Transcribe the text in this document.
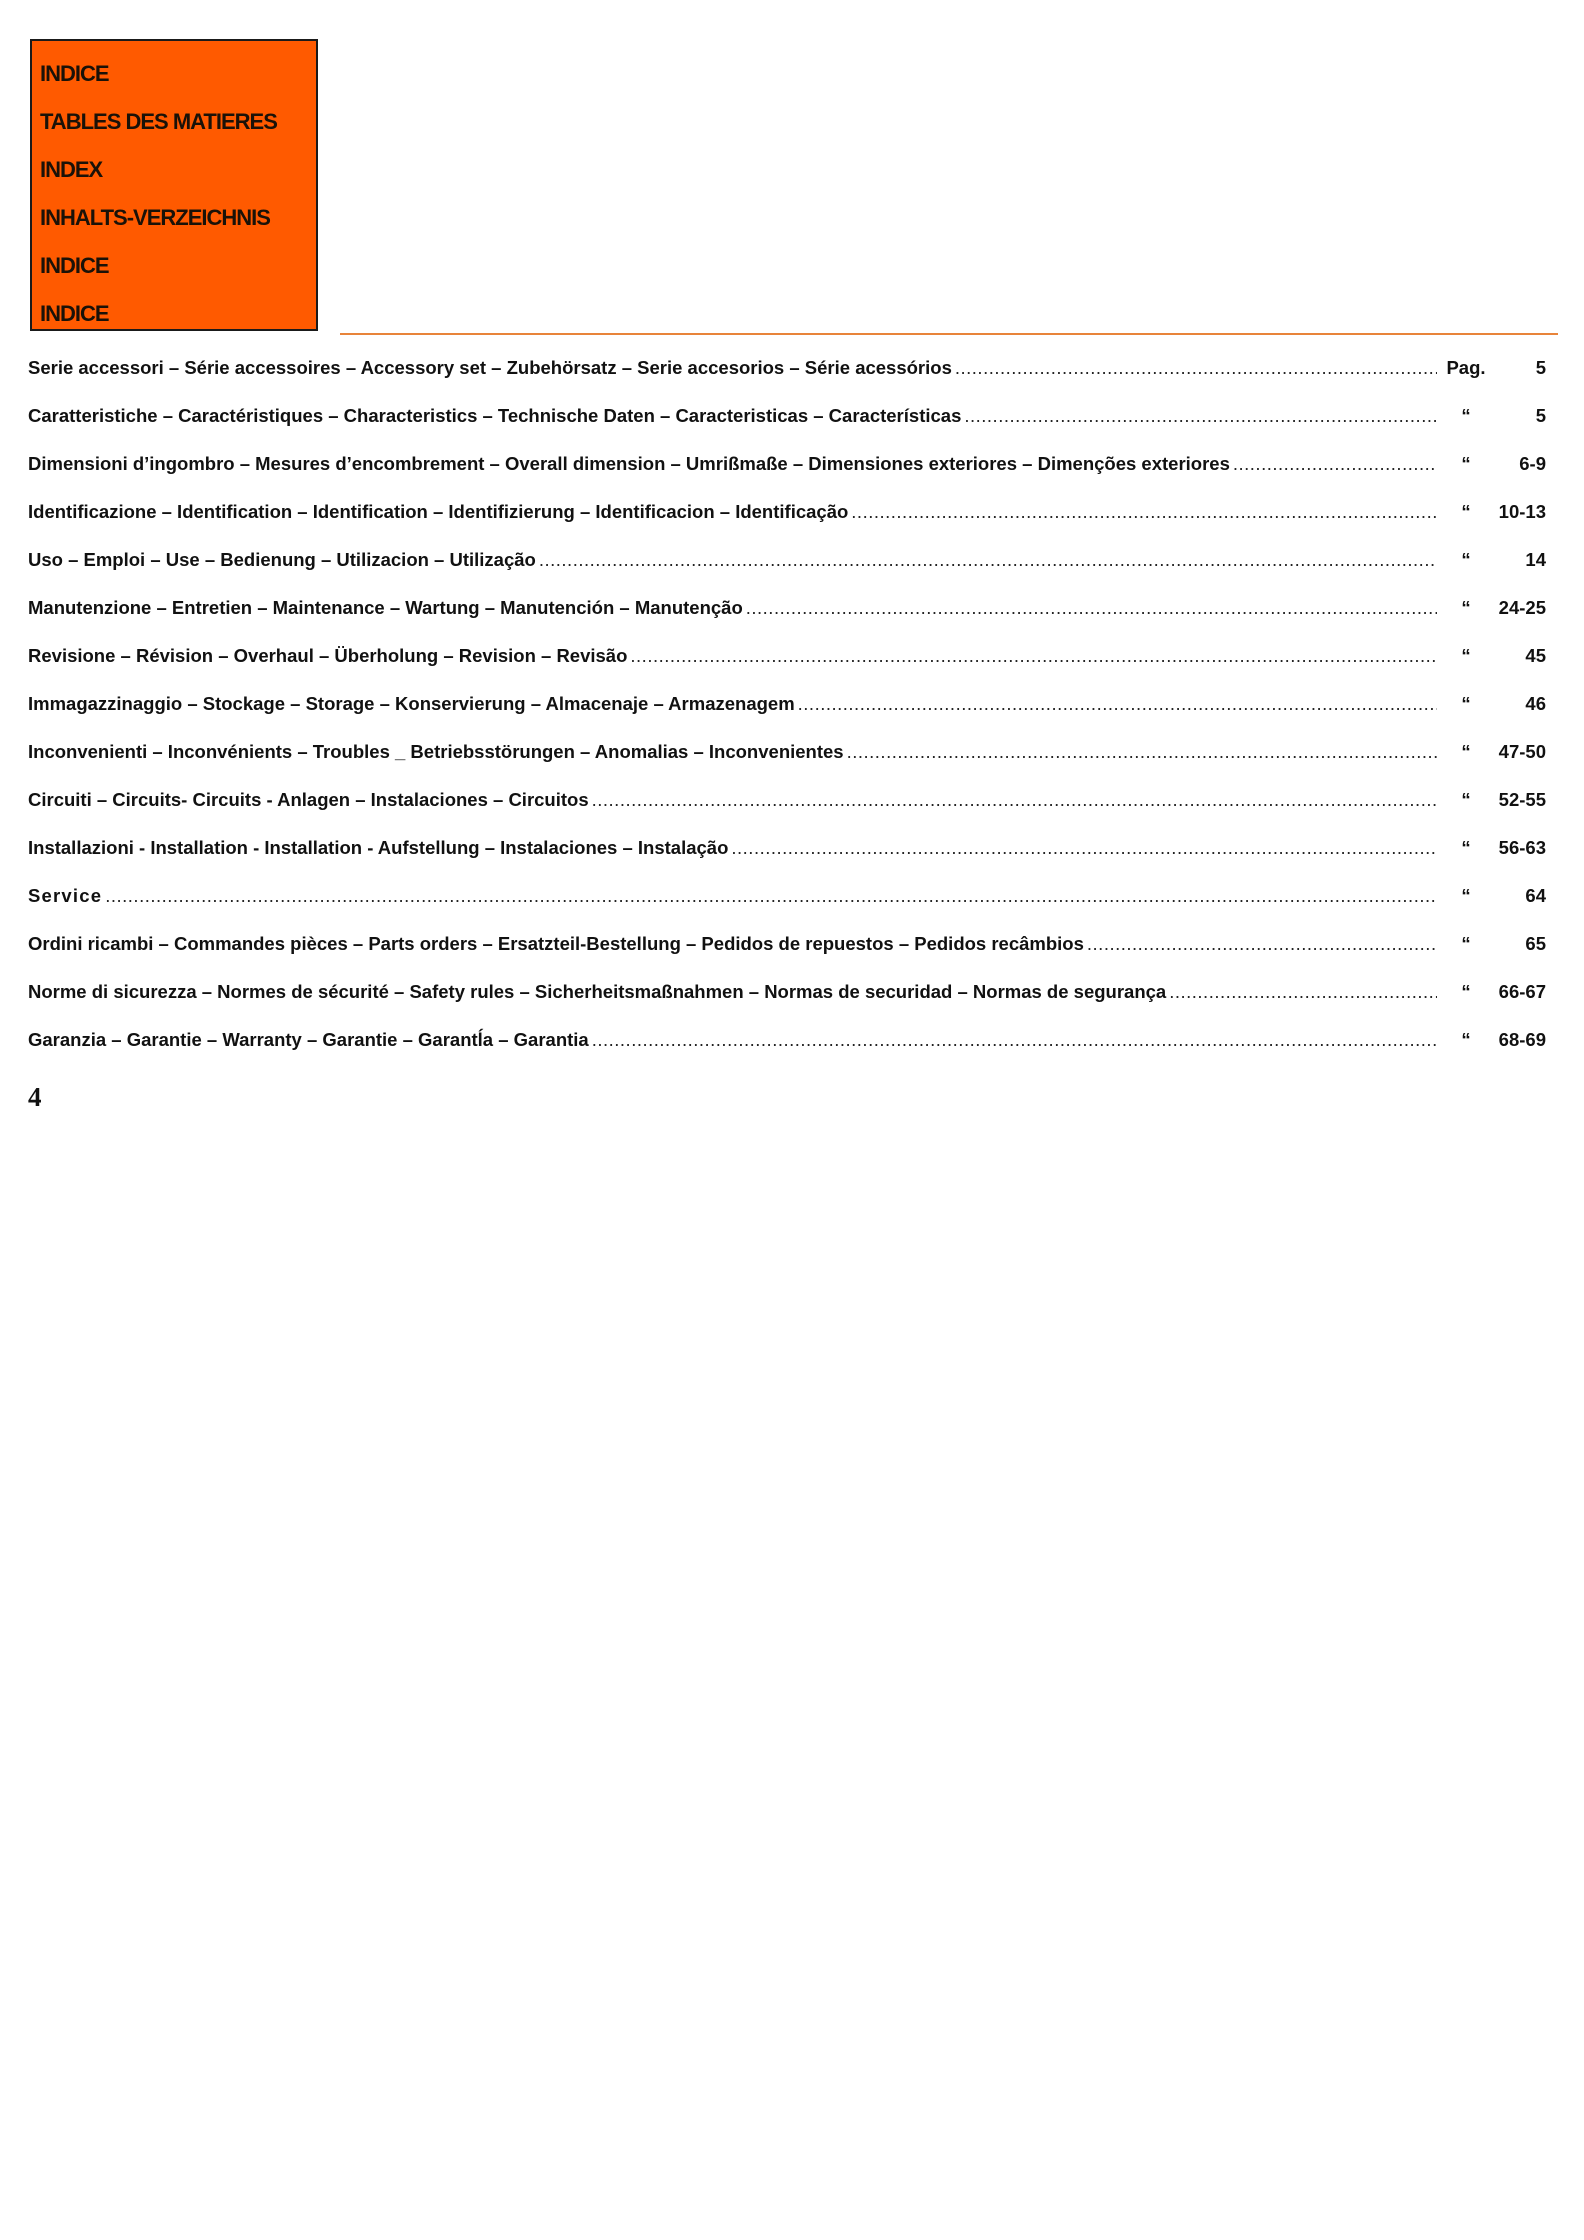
INDICE
TABLES DES MATIERES
INDEX
INHALTS-VERZEICHNIS
INDICE
INDICE
Serie accessori – Série accessoires – Accessory set – Zubehörsatz – Serie accesorios – Série acessórios .....	Pag.	5
Caratteristiche – Caractéristiques – Characteristics – Technische Daten – Caracteristicas – Características .....	“	5
Dimensioni d’ingombro – Mesures d’encombrement – Overall dimension – Umrißmaße – Dimensiones exteriores – Dimenções exteriores .....	“	6-9
Identificazione – Identification – Identification – Identifizierung – Identificacion – Identificação .....	“	10-13
Uso – Emploi – Use – Bedienung – Utilizacion – Utilização .....	“	14
Manutenzione – Entretien – Maintenance – Wartung – Manutención – Manutenção .....	“	24-25
Revisione – Révision – Overhaul – Überholung – Revision – Revisão .....	“	45
Immagazzinaggio – Stockage – Storage – Konservierung – Almacenaje – Armazenagem .....	“	46
Inconvenienti – Inconvénients – Troubles _ Betriebsstörungen – Anomalias – Inconvenientes .....	“	47-50
Circuiti – Circuits- Circuits - Anlagen – Instalaciones – Circuitos .....	“	52-55
Installazioni - Installation - Installation - Aufstellung – Instalaciones – Instalação .....	“	56-63
Service .....	“	64
Ordini ricambi – Commandes pièces – Parts orders – Ersatzteil-Bestellung – Pedidos de repuestos – Pedidos recâmbios .....	“	65
Norme di sicurezza – Normes de sécurité – Safety rules – Sicherheitsmaßnahmen – Normas de securidad – Normas de segurança .....	“	66-67
Garanzia – Garantie – Warranty – Garantie – Garantĺa – Garantia .....	“	68-69
4
